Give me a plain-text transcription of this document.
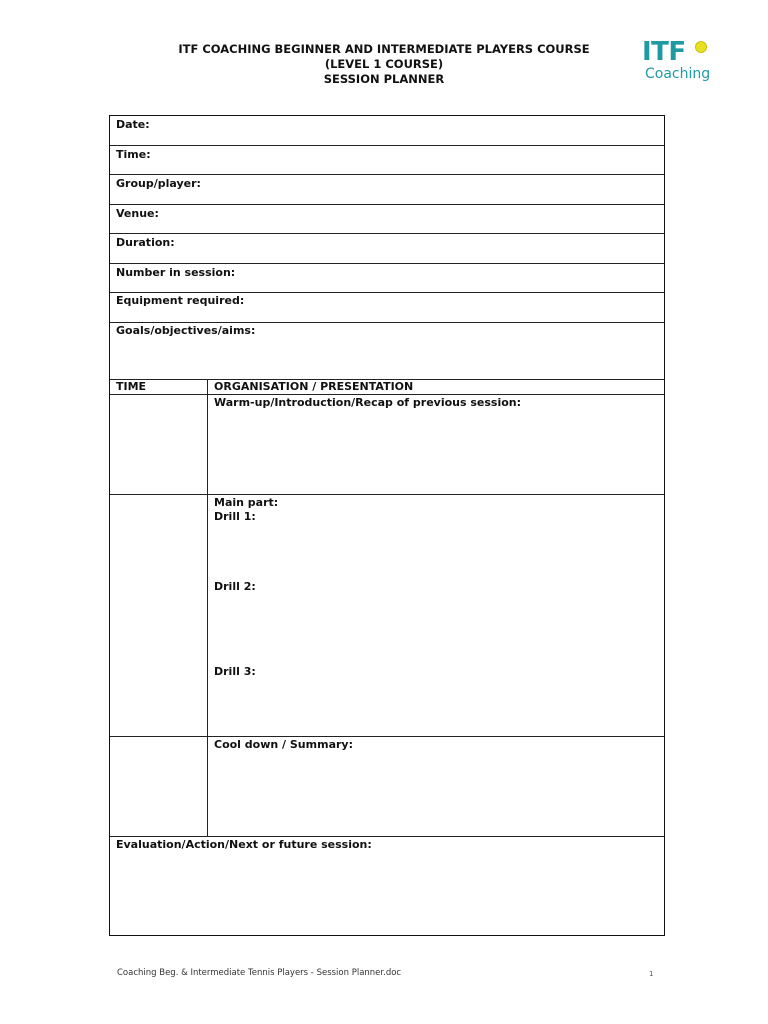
ITF COACHING BEGINNER AND INTERMEDIATE PLAYERS COURSE
(LEVEL 1 COURSE)
SESSION PLANNER
ITF
Coaching
Date:
Time:
Group/player:
Venue:
Duration:
Number in session:
Equipment required:
Goals/objectives/aims:
TIME	ORGANISATION / PRESENTATION
Warm-up/Introduction/Recap of previous session:
Main part:
Drill 1:
Drill 2:
Drill 3:
Cool down / Summary:
Evaluation/Action/Next or future session:
Coaching Beg. & Intermediate Tennis Players - Session Planner.doc	1
